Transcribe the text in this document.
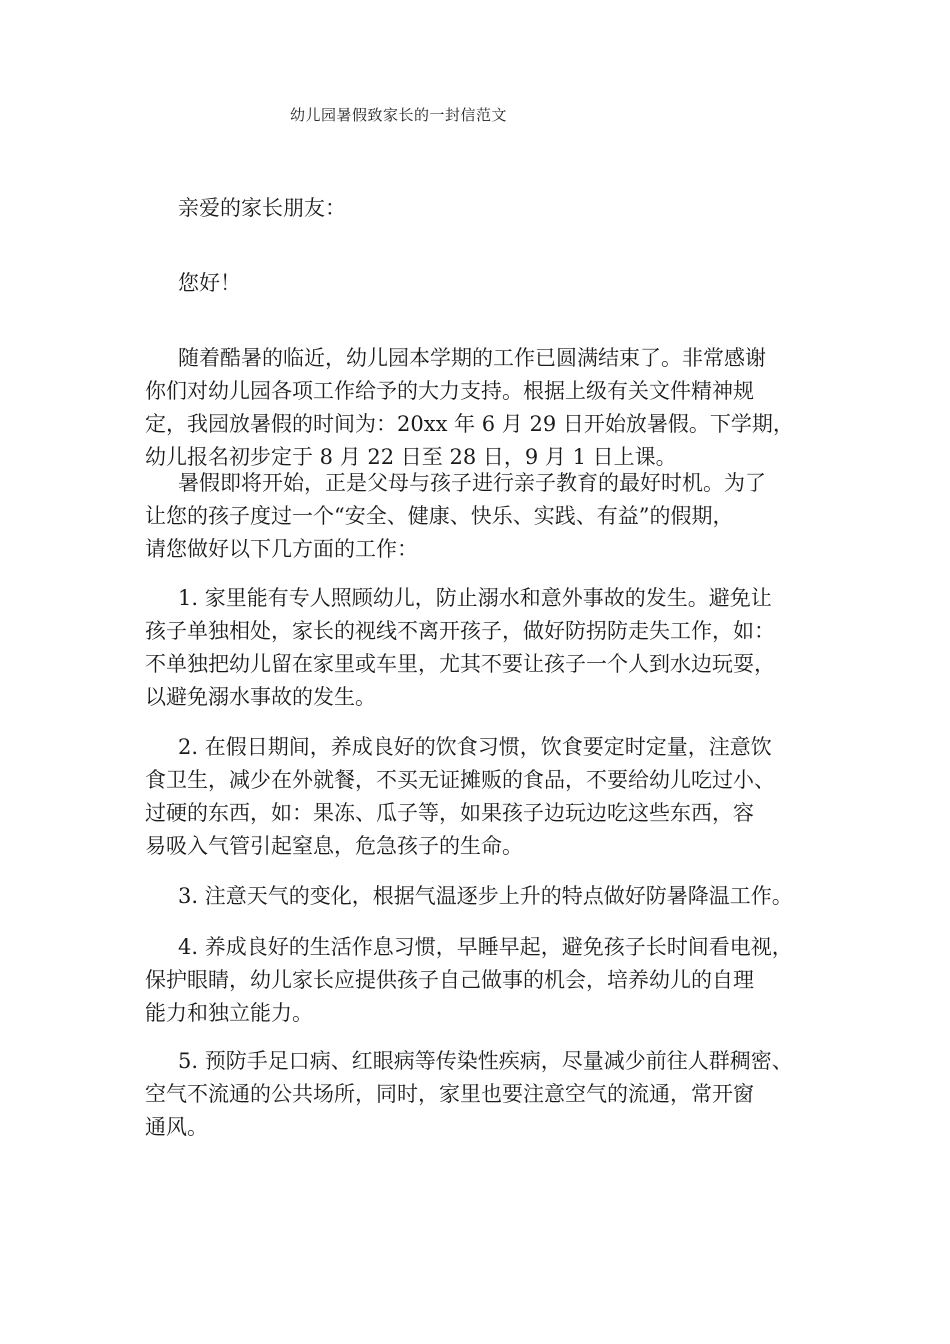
幼儿园暑假致家长的一封信范文
亲爱的家长朋友：
您好！
随着酷暑的临近，幼儿园本学期的工作已圆满结束了。非常感谢
你们对幼儿园各项工作给予的大力支持。根据上级有关文件精神规
定，我园放暑假的时间为：20xx 年 6 月 29 日开始放暑假。下学期，
幼儿报名初步定于 8 月 22 日至 28 日，9 月 1 日上课。
暑假即将开始，正是父母与孩子进行亲子教育的最好时机。为了
让您的孩子度过一个“安全、健康、快乐、实践、有益”的假期，
请您做好以下几方面的工作：
1. 家里能有专人照顾幼儿，防止溺水和意外事故的发生。避免让
孩子单独相处，家长的视线不离开孩子，做好防拐防走失工作，如：
不单独把幼儿留在家里或车里，尤其不要让孩子一个人到水边玩耍，
以避免溺水事故的发生。
2. 在假日期间，养成良好的饮食习惯，饮食要定时定量，注意饮
食卫生，减少在外就餐，不买无证摊贩的食品，不要给幼儿吃过小、
过硬的东西，如：果冻、瓜子等，如果孩子边玩边吃这些东西，容
易吸入气管引起窒息，危急孩子的生命。
3. 注意天气的变化，根据气温逐步上升的特点做好防暑降温工作。
4. 养成良好的生活作息习惯，早睡早起，避免孩子长时间看电视，
保护眼睛，幼儿家长应提供孩子自己做事的机会，培养幼儿的自理
能力和独立能力。
5. 预防手足口病、红眼病等传染性疾病，尽量减少前往人群稠密、
空气不流通的公共场所，同时，家里也要注意空气的流通，常开窗
通风。
